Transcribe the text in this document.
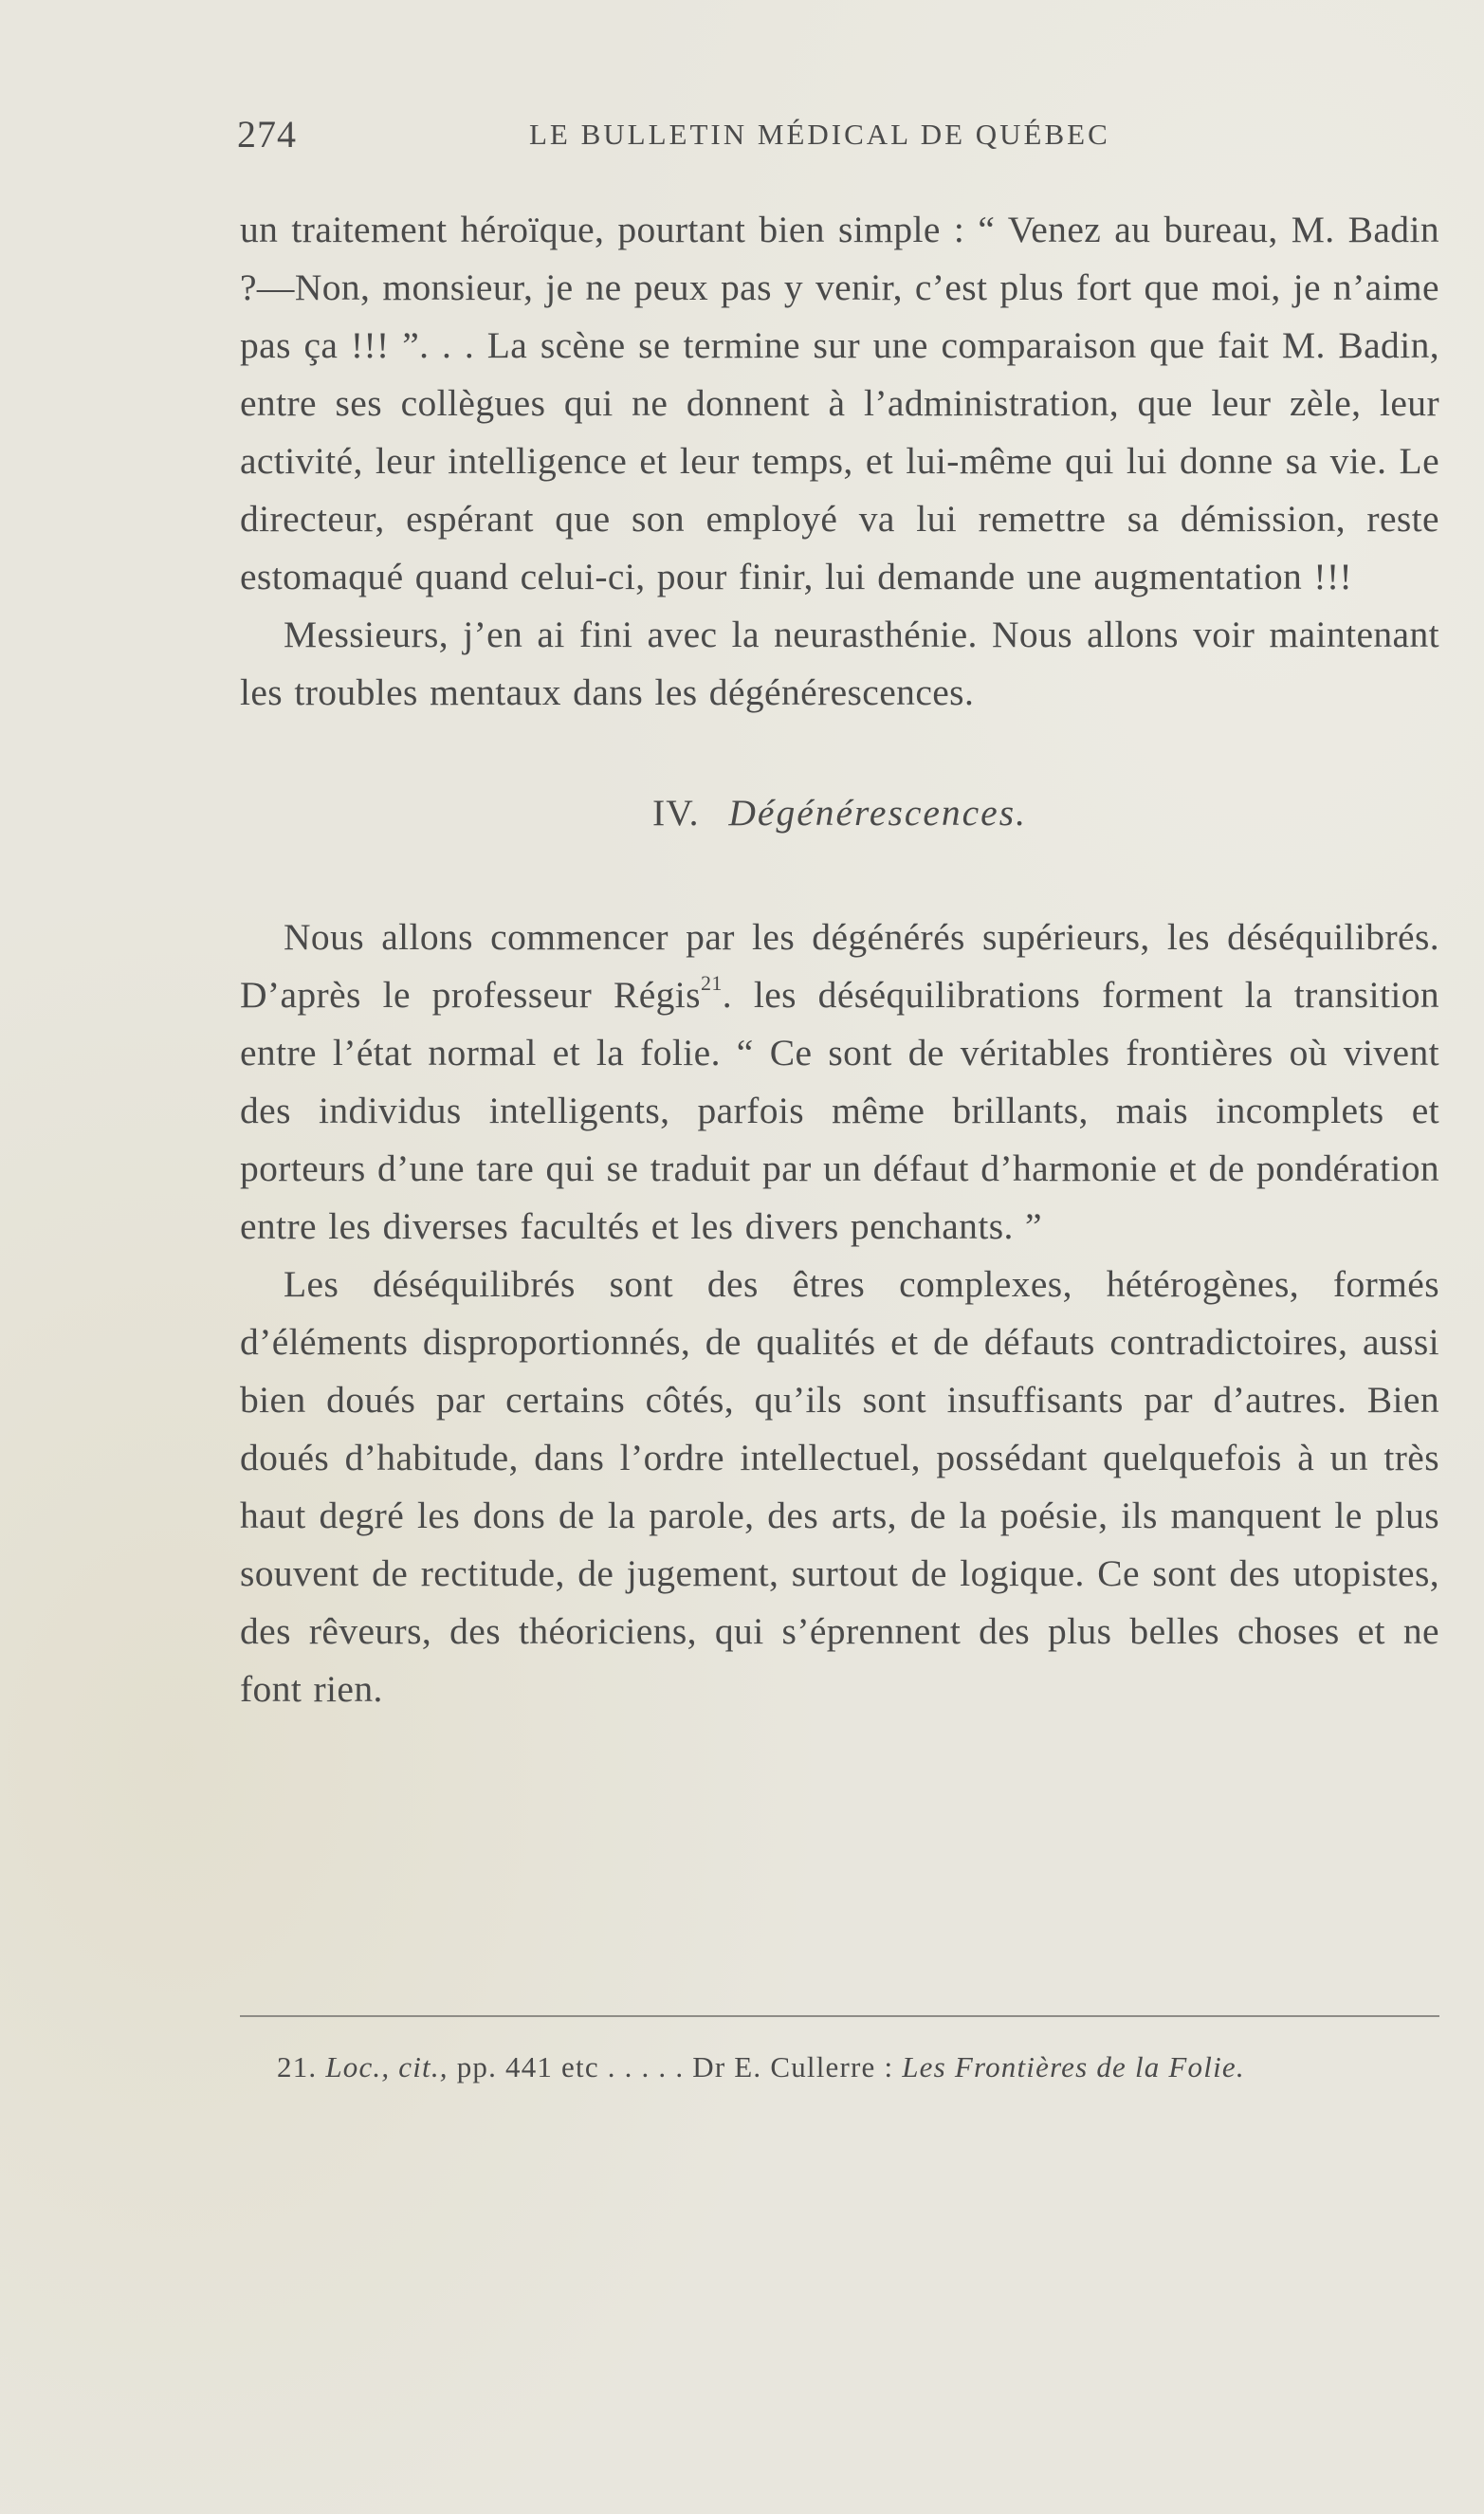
274	LE BULLETIN MÉDICAL DE QUÉBEC

un traitement héroïque, pourtant bien simple : “ Venez au bureau, M. Badin ?—Non, monsieur, je ne peux pas y venir, c’est plus fort que moi, je n’aime pas ça !!! ”. . . La scène se termine sur une comparaison que fait M. Badin, entre ses collègues qui ne donnent à l’administration, que leur zèle, leur activité, leur intelligence et leur temps, et lui-même qui lui donne sa vie. Le directeur, espérant que son employé va lui remettre sa démission, reste estomaqué quand celui-ci, pour finir, lui demande une augmentation !!!

Messieurs, j’en ai fini avec la neurasthénie. Nous allons voir maintenant les troubles mentaux dans les dégénérescences.

IV. Dégénérescences.

Nous allons commencer par les dégénérés supérieurs, les déséquilibrés. D’après le professeur Régis$^{21}$. les déséquilibrations forment la transition entre l’état normal et la folie. “ Ce sont de véritables frontières où vivent des individus intelligents, parfois même brillants, mais incomplets et porteurs d’une tare qui se traduit par un défaut d’harmonie et de pondération entre les diverses facultés et les divers penchants. ”

Les déséquilibrés sont des êtres complexes, hétérogènes, formés d’éléments disproportionnés, de qualités et de défauts contradictoires, aussi bien doués par certains côtés, qu’ils sont insuffisants par d’autres. Bien doués d’habitude, dans l’ordre intellectuel, possédant quelquefois à un très haut degré les dons de la parole, des arts, de la poésie, ils manquent le plus souvent de rectitude, de jugement, surtout de logique. Ce sont des utopistes, des rêveurs, des théoriciens, qui s’éprennent des plus belles choses et ne font rien.

21. Loc., cit., pp. 441 etc . . . . . Dr E. Cullerre : Les Frontières de la Folie.
